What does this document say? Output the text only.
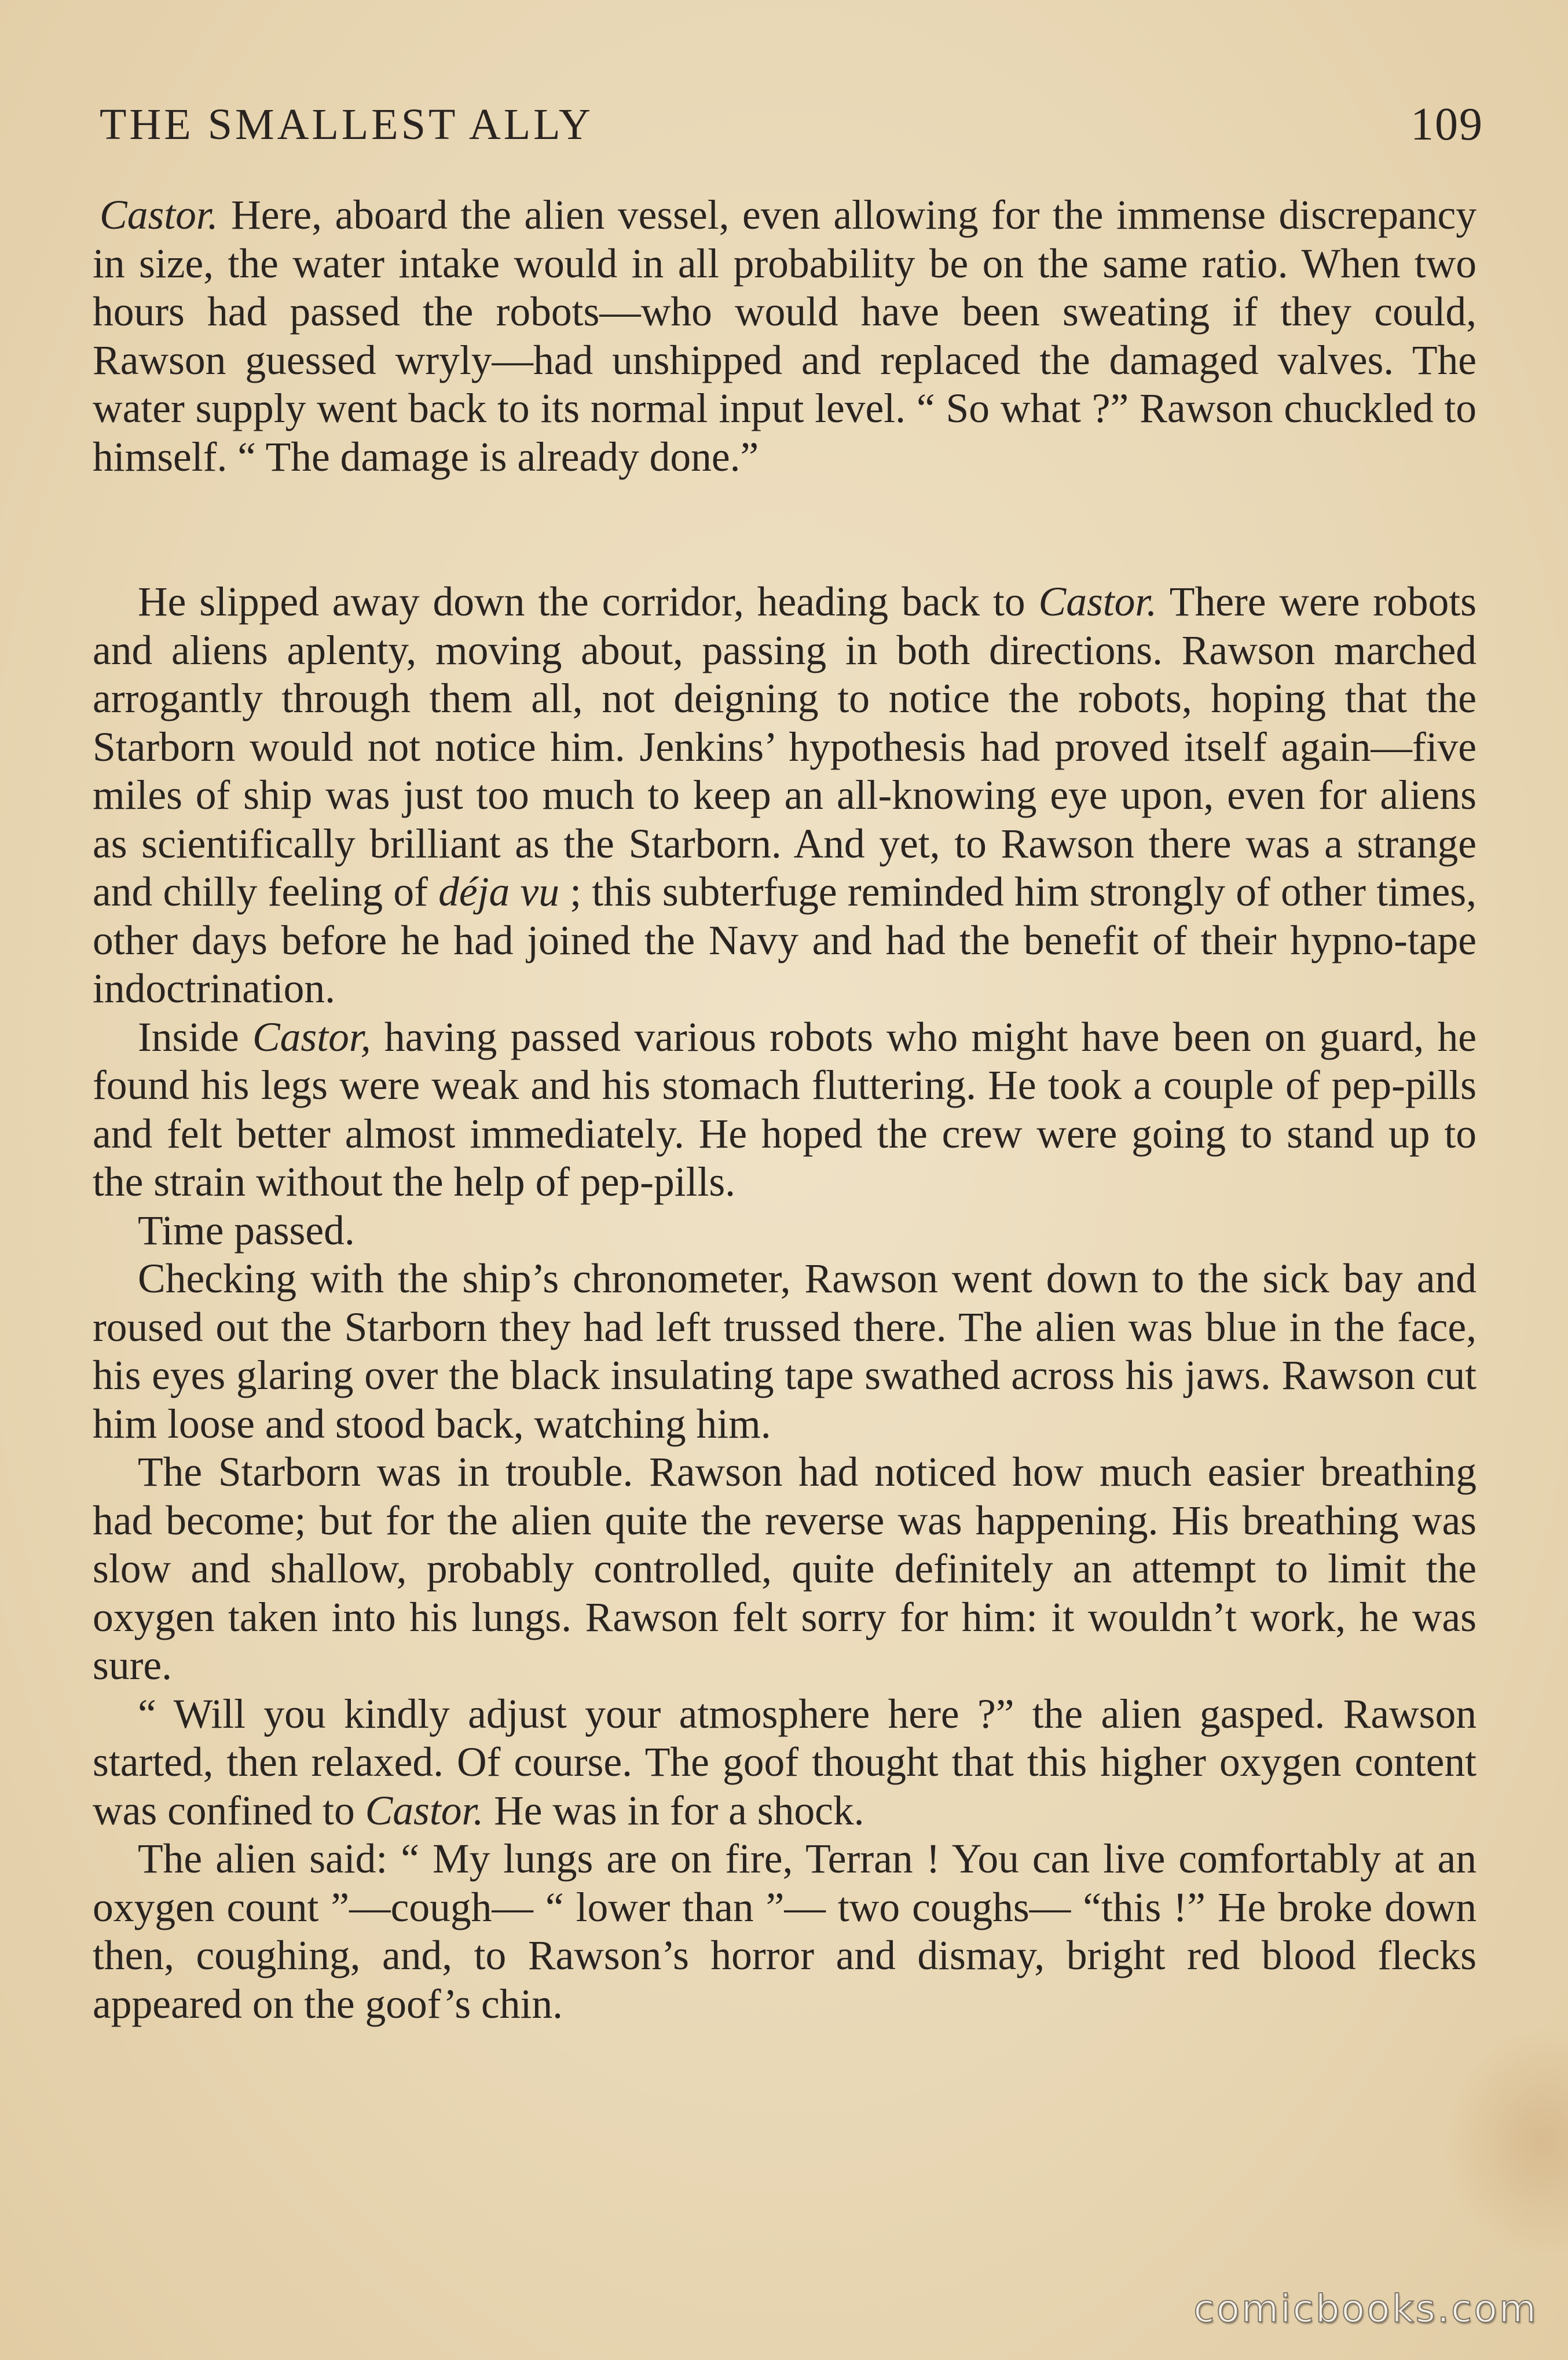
THE SMALLEST ALLY	109

Castor. Here, aboard the alien vessel, even allowing for the immense discrepancy in size, the water intake would in all probability be on the same ratio. When two hours had passed the robots—who would have been sweating if they could, Rawson guessed wryly—had unshipped and replaced the damaged valves. The water supply went back to its normal input level. “ So what ?” Rawson chuckled to himself. “ The damage is already done.”

He slipped away down the corridor, heading back to Castor. There were robots and aliens aplenty, moving about, passing in both directions. Rawson marched arrogantly through them all, not deigning to notice the robots, hoping that the Starborn would not notice him. Jenkins’ hypothesis had proved itself again—five miles of ship was just too much to keep an all-knowing eye upon, even for aliens as scientifically brilliant as the Starborn. And yet, to Rawson there was a strange and chilly feeling of déja vu ; this subterfuge reminded him strongly of other times, other days before he had joined the Navy and had the benefit of their hypno-tape indoctrination.

Inside Castor, having passed various robots who might have been on guard, he found his legs were weak and his stomach fluttering. He took a couple of pep-pills and felt better almost immediately. He hoped the crew were going to stand up to the strain without the help of pep-pills.

Time passed.

Checking with the ship’s chronometer, Rawson went down to the sick bay and roused out the Starborn they had left trussed there. The alien was blue in the face, his eyes glaring over the black insulating tape swathed across his jaws. Rawson cut him loose and stood back, watching him.

The Starborn was in trouble. Rawson had noticed how much easier breathing had become; but for the alien quite the reverse was happening. His breathing was slow and shallow, probably controlled, quite definitely an attempt to limit the oxygen taken into his lungs. Rawson felt sorry for him: it wouldn’t work, he was sure.

“ Will you kindly adjust your atmosphere here ?” the alien gasped. Rawson started, then relaxed. Of course. The goof thought that this higher oxygen content was confined to Castor. He was in for a shock.

The alien said: “ My lungs are on fire, Terran ! You can live comfortably at an oxygen count ”—cough— “ lower than ”— two coughs— “this !” He broke down then, coughing, and, to Rawson’s horror and dismay, bright red blood flecks appeared on the goof’s chin.

comicbooks.com
